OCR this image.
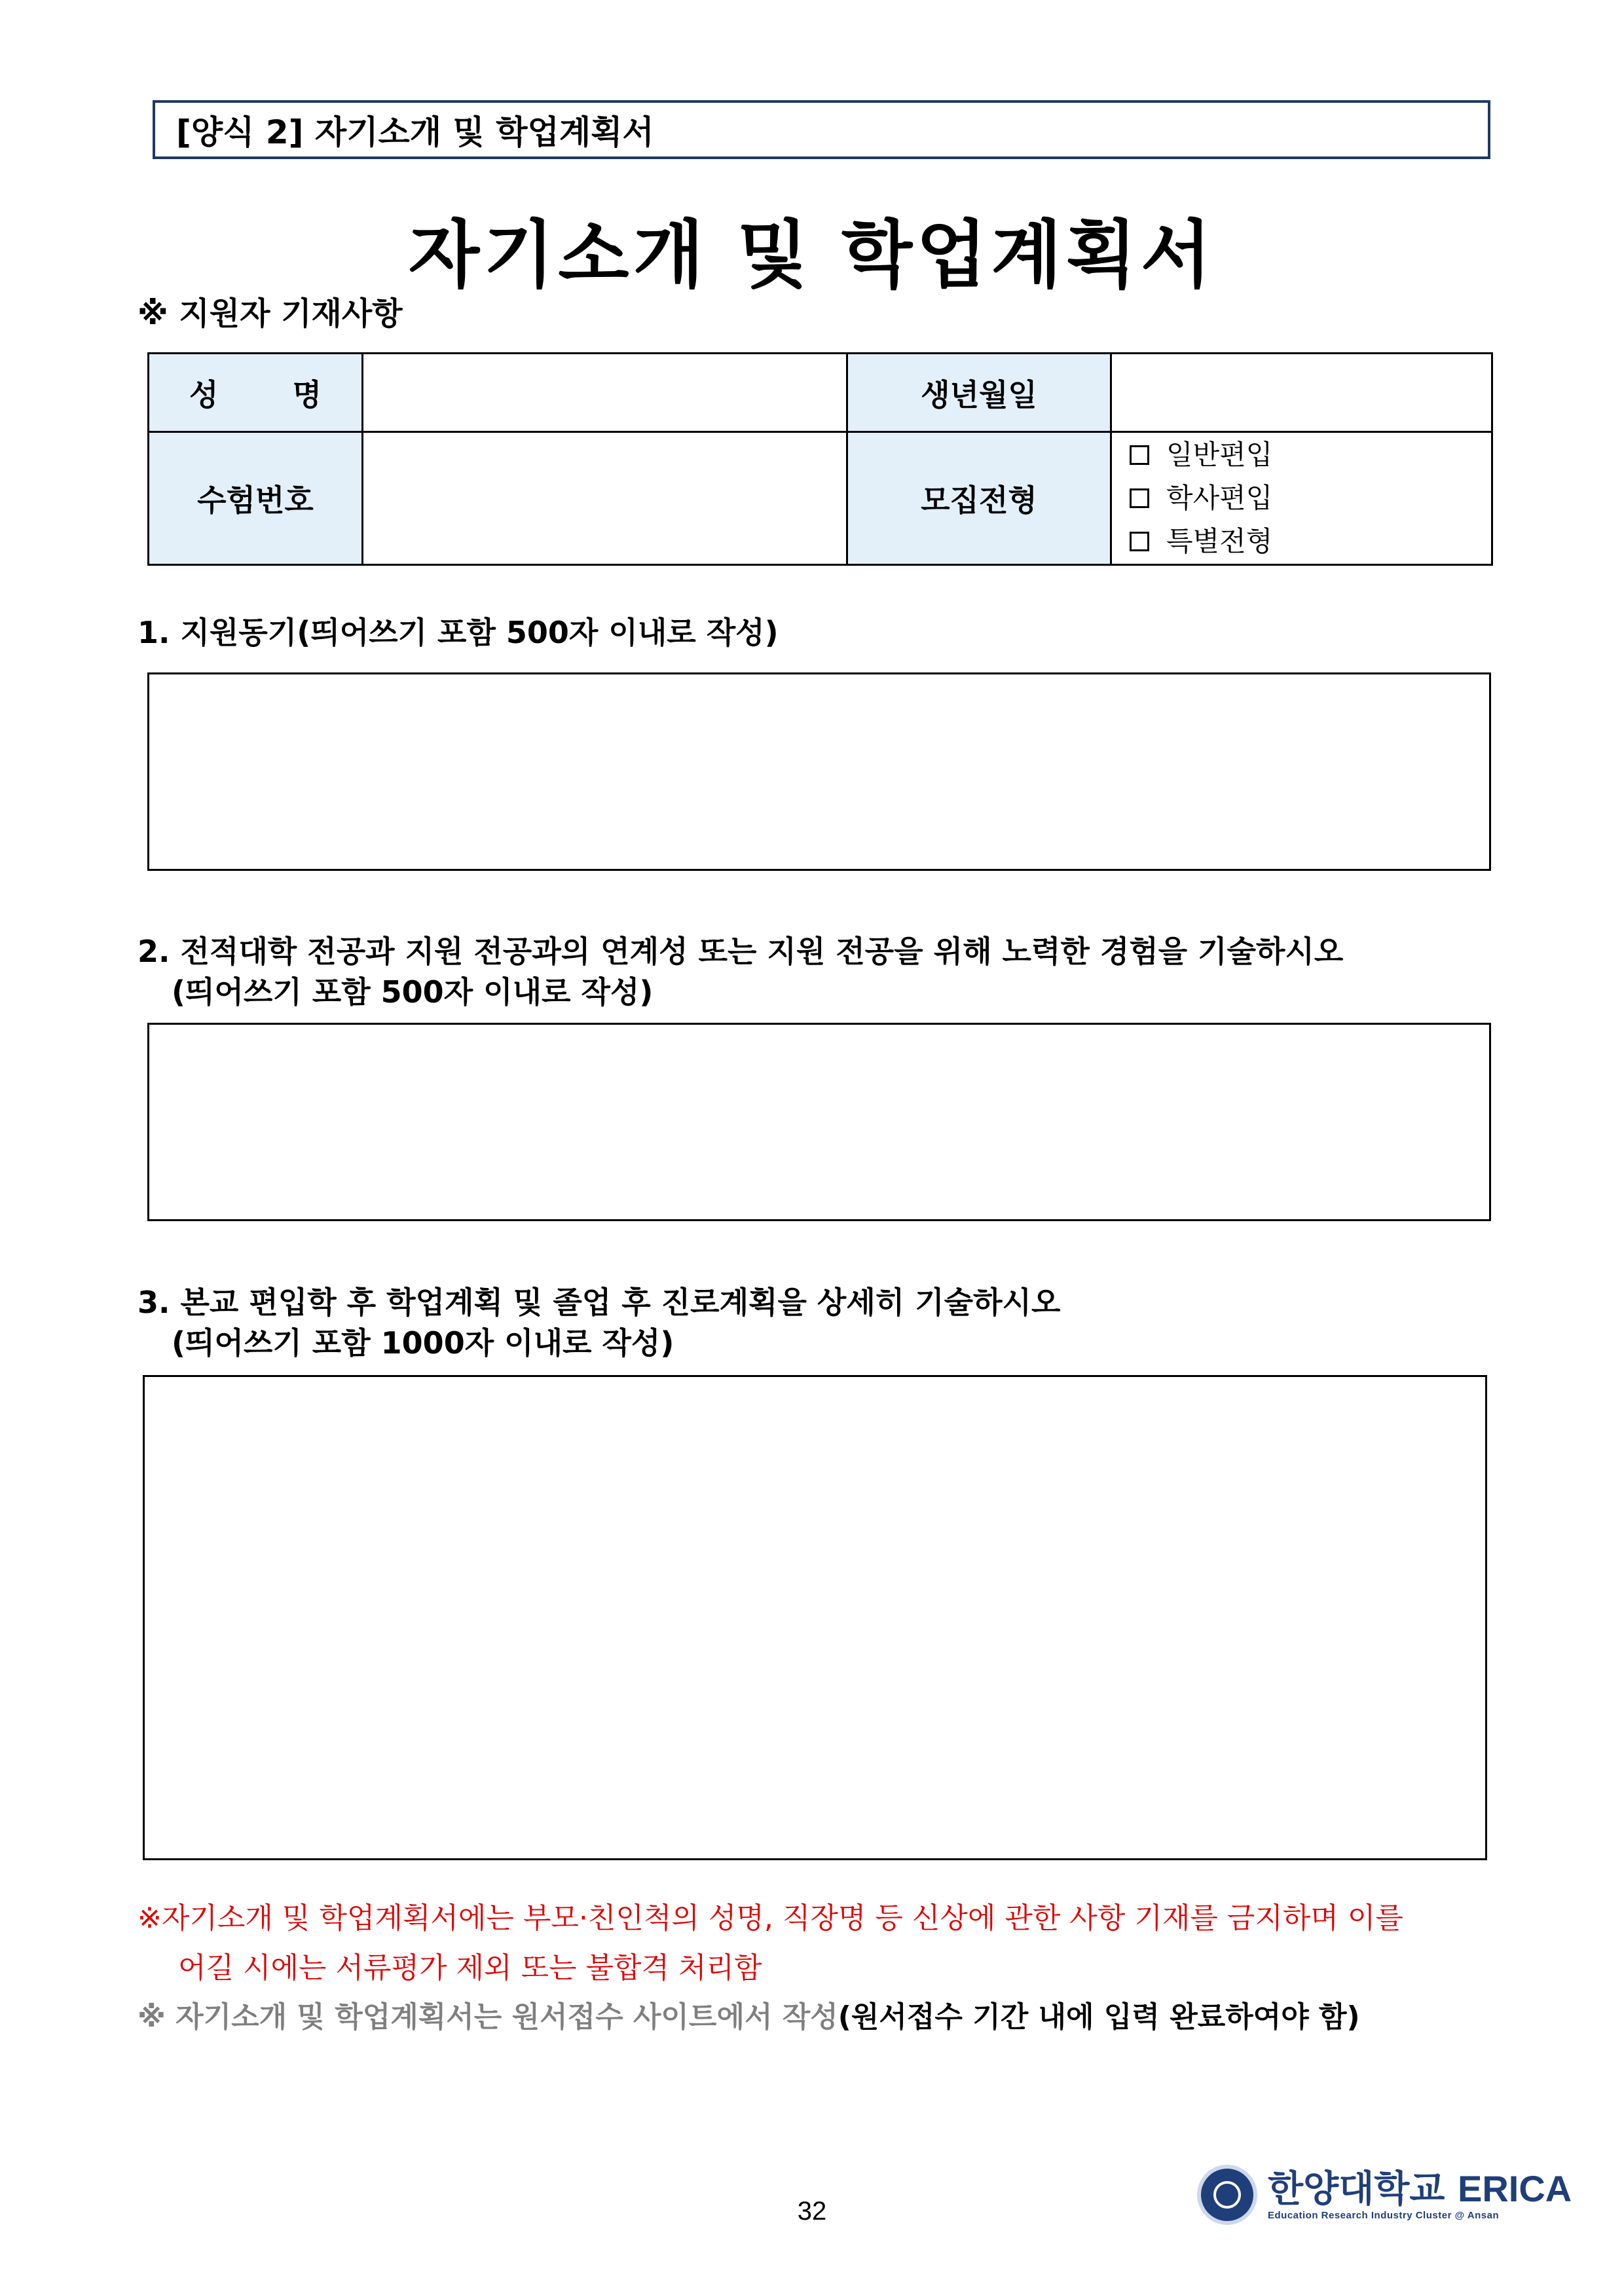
[양식 2] 자기소개 및 학업계획서
자기소개 및 학업계획서
※ 지원자 기재사항
성 명		생년월일	
수험번호		모집전형	일반편입
학사편입
특별전형
1. 지원동기(띄어쓰기 포함 500자 이내로 작성)
2. 전적대학 전공과 지원 전공과의 연계성 또는 지원 전공을 위해 노력한 경험을 기술하시오
(띄어쓰기 포함 500자 이내로 작성)
3. 본교 편입학 후 학업계획 및 졸업 후 진로계획을 상세히 기술하시오
(띄어쓰기 포함 1000자 이내로 작성)
※자기소개 및 학업계획서에는 부모·친인척의 성명, 직장명 등 신상에 관한 사항 기재를 금지하며 이를
어길 시에는 서류평가 제외 또는 불합격 처리함
※ 자기소개 및 학업계획서는 원서접수 사이트에서 작성(원서접수 기간 내에 입력 완료하여야 함)
32
한양대학교 ERICA
Education Research Industry Cluster @ Ansan
